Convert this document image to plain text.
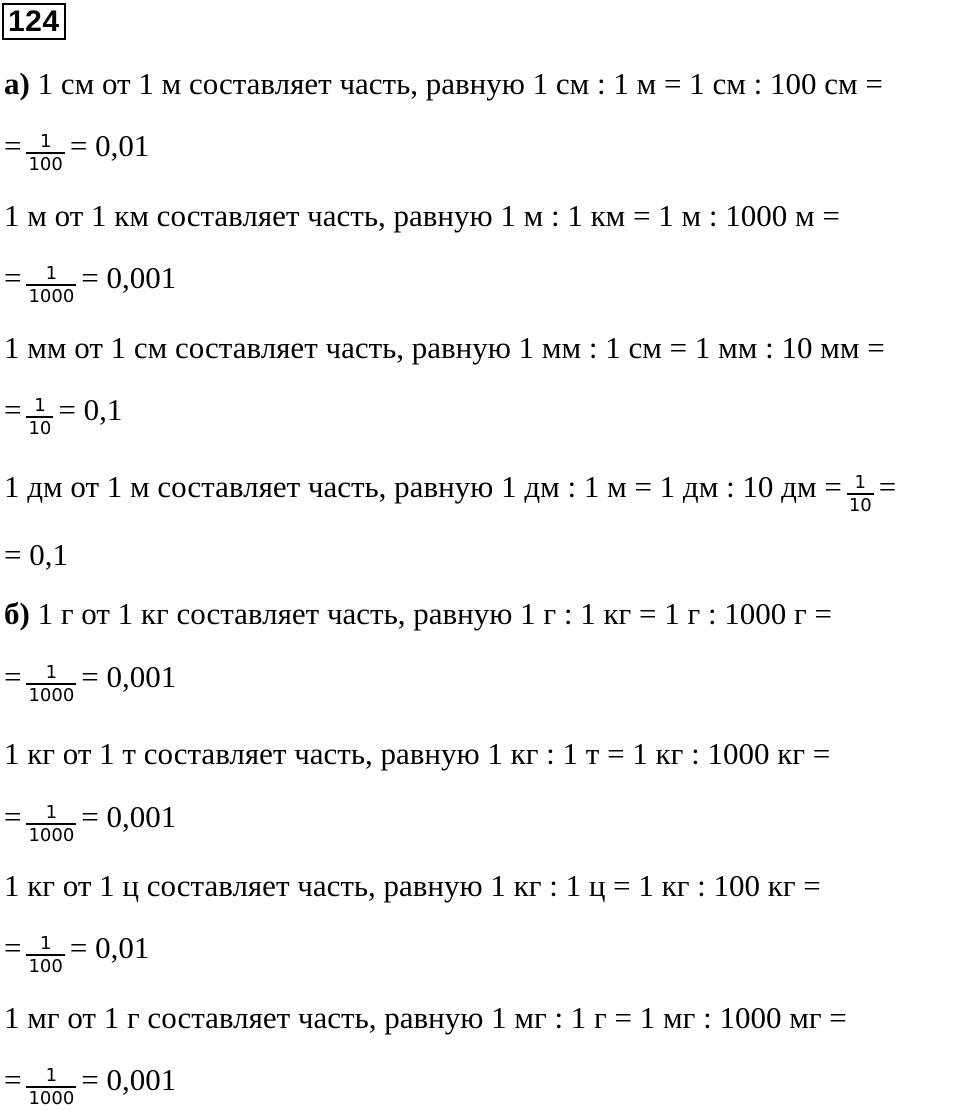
124
а) 1 см от 1 м составляет часть, равную 1 см : 1 м = 1 см : 100 см =
= $\frac{1}{100} = 0,01$
1 м от 1 км составляет часть, равную 1 м : 1 км = 1 м : 1000 м =
= $\frac{1}{1000} = 0,001$
1 мм от 1 см составляет часть, равную 1 мм : 1 см = 1 мм : 10 мм =
= $\frac{1}{10} = 0,1$
1 дм от 1 м составляет часть, равную 1 дм : 1 м = 1 дм : 10 дм = $\frac{1}{10}$ =
= 0,1
б) 1 г от 1 кг составляет часть, равную 1 г : 1 кг = 1 г : 1000 г =
= $\frac{1}{1000} = 0,001$
1 кг от 1 т составляет часть, равную 1 кг : 1 т = 1 кг : 1000 кг =
= $\frac{1}{1000} = 0,001$
1 кг от 1 ц составляет часть, равную 1 кг : 1 ц = 1 кг : 100 кг =
= $\frac{1}{100} = 0,01$
1 мг от 1 г составляет часть, равную 1 мг : 1 г = 1 мг : 1000 мг =
= $\frac{1}{1000} = 0,001$
